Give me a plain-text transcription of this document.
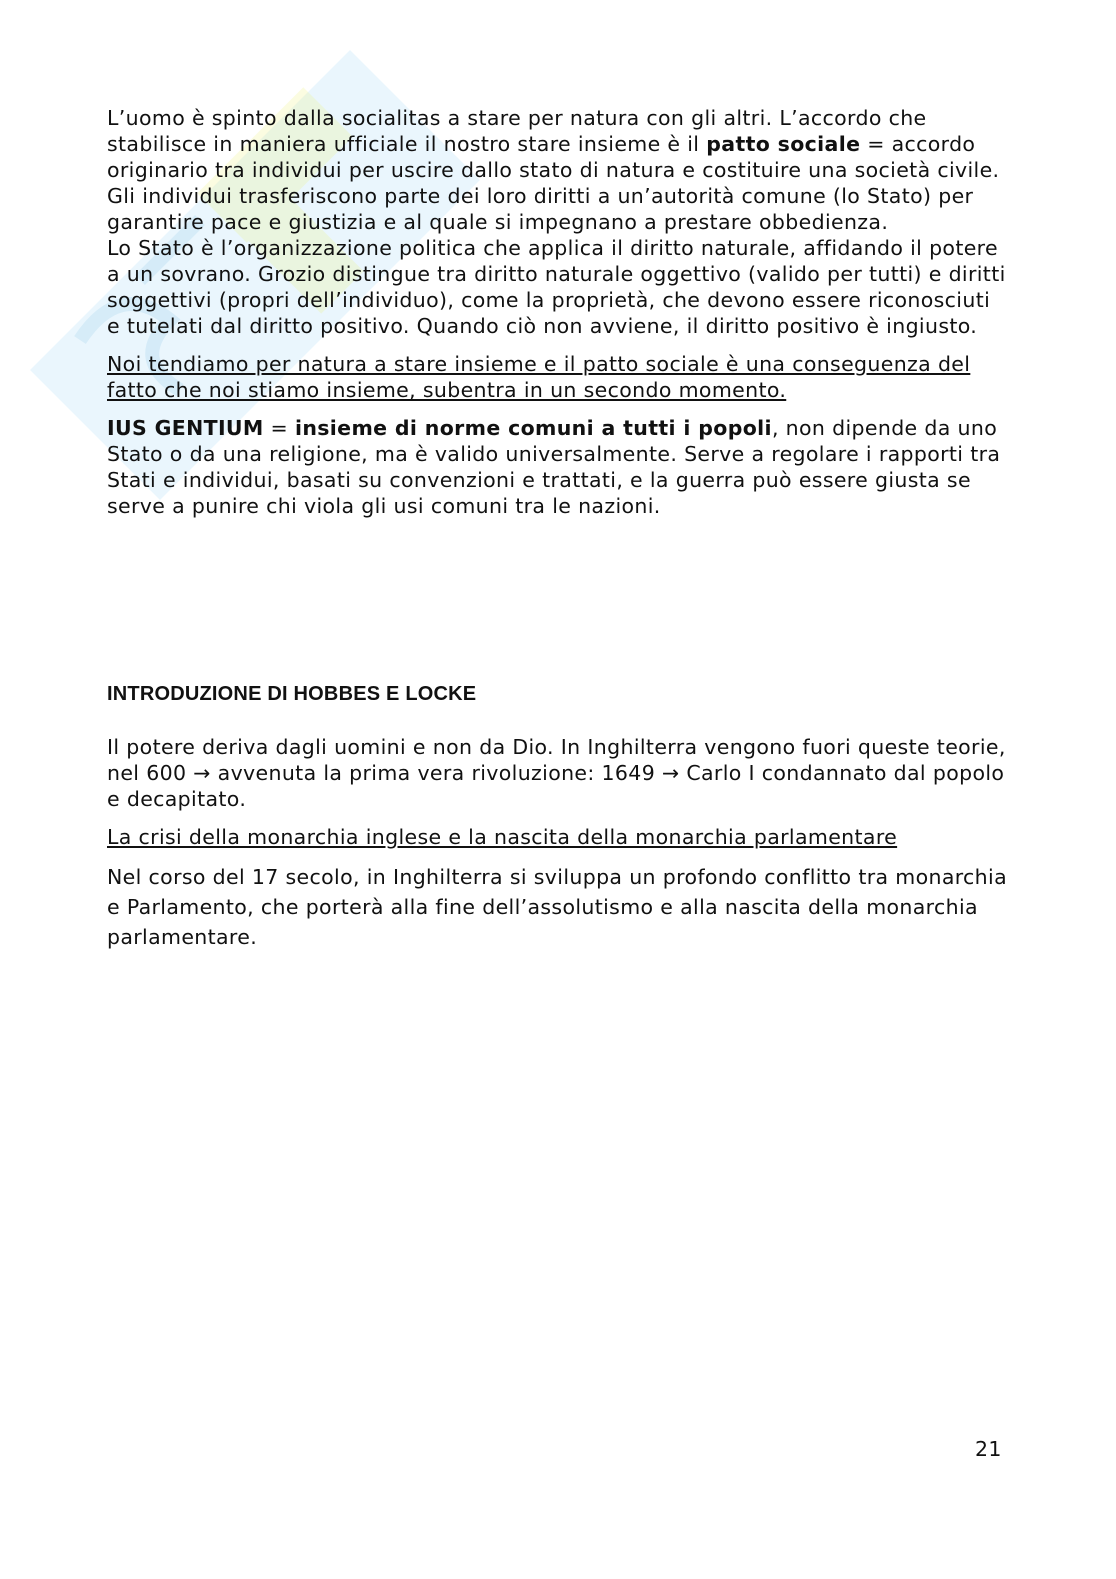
L’uomo è spinto dalla socialitas a stare per natura con gli altri. L’accordo che stabilisce in maniera ufficiale il nostro stare insieme è il patto sociale = accordo originario tra individui per uscire dallo stato di natura e costituire una società civile. Gli individui trasferiscono parte dei loro diritti a un’autorità comune (lo Stato) per garantire pace e giustizia e al quale si impegnano a prestare obbedienza.

Lo Stato è l’organizzazione politica che applica il diritto naturale, affidando il potere a un sovrano. Grozio distingue tra diritto naturale oggettivo (valido per tutti) e diritti soggettivi (propri dell’individuo), come la proprietà, che devono essere riconosciuti e tutelati dal diritto positivo. Quando ciò non avviene, il diritto positivo è ingiusto.

Noi tendiamo per natura a stare insieme e il patto sociale è una conseguenza del fatto che noi stiamo insieme, subentra in un secondo momento.

IUS GENTIUM = insieme di norme comuni a tutti i popoli, non dipende da uno Stato o da una religione, ma è valido universalmente. Serve a regolare i rapporti tra Stati e individui, basati su convenzioni e trattati, e la guerra può essere giusta se serve a punire chi viola gli usi comuni tra le nazioni.

INTRODUZIONE DI HOBBES E LOCKE

Il potere deriva dagli uomini e non da Dio. In Inghilterra vengono fuori queste teorie, nel 600 → avvenuta la prima vera rivoluzione: 1649 → Carlo I condannato dal popolo e decapitato.

La crisi della monarchia inglese e la nascita della monarchia parlamentare

Nel corso del 17 secolo, in Inghilterra si sviluppa un profondo conflitto tra monarchia e Parlamento, che porterà alla fine dell’assolutismo e alla nascita della monarchia parlamentare.

21
